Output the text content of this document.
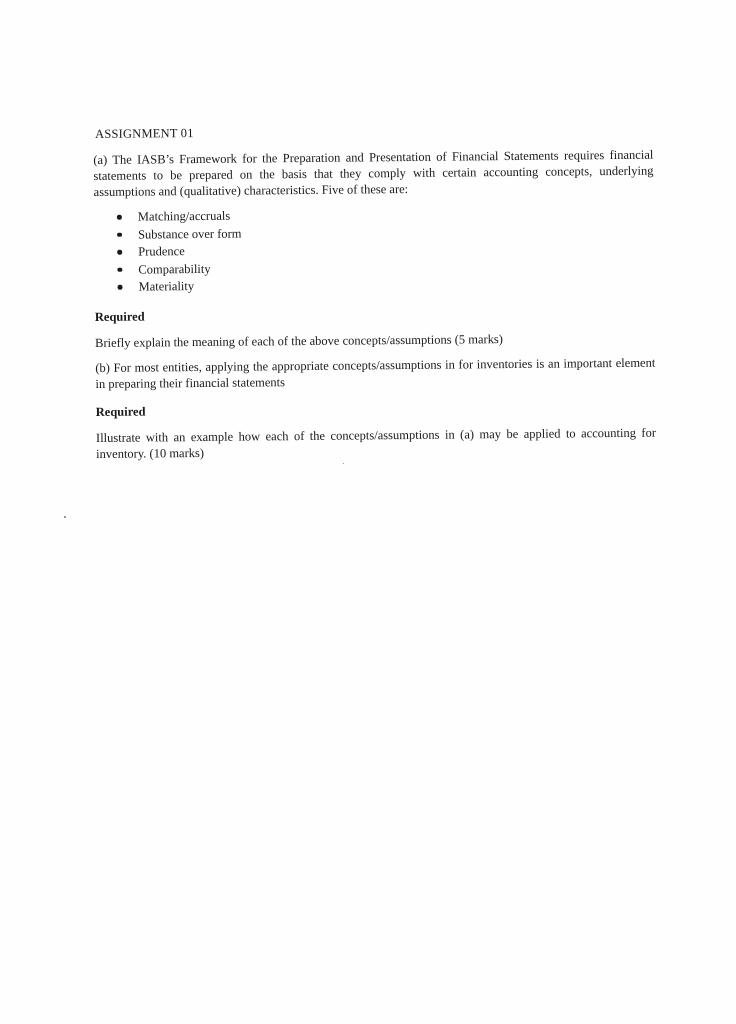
ASSIGNMENT 01

(a) The IASB’s Framework for the Preparation and Presentation of Financial Statements requires financial statements to be prepared on the basis that they comply with certain accounting concepts, underlying assumptions and (qualitative) characteristics. Five of these are:

Matching/accruals
Substance over form
Prudence
Comparability
Materiality

Required

Briefly explain the meaning of each of the above concepts/assumptions (5 marks)

(b) For most entities, applying the appropriate concepts/assumptions in for inventories is an important element in preparing their financial statements

Required

Illustrate with an example how each of the concepts/assumptions in (a) may be applied to accounting for inventory. (10 marks)
